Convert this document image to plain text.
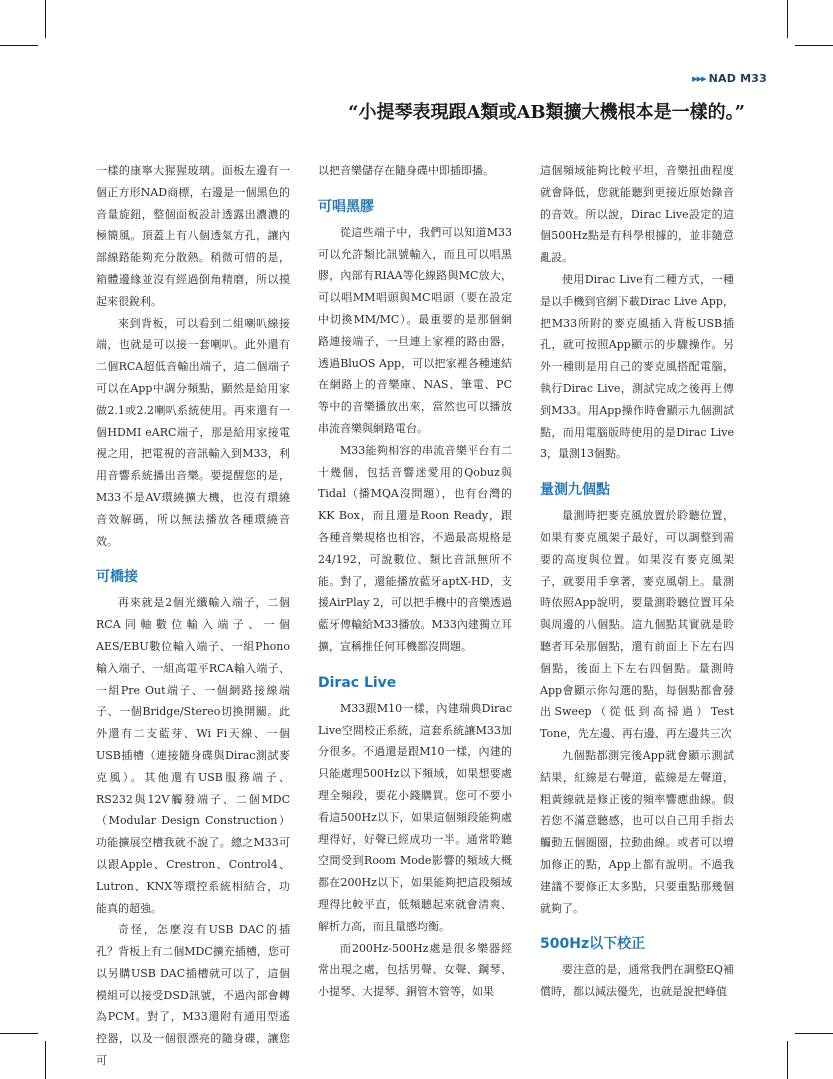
▸▸▸ NAD M33
“小提琴表現跟A類或AB類擴大機根本是一樣的。”

一樣的康寧大猩猩玻璃。面板左邊有一個正方形NAD商標，右邊是一個黑色的音量旋鈕，整個面板設計透露出濃濃的極簡風。頂蓋上有八個透氣方孔，讓內部線路能夠充分散熱。稍微可惜的是，箱體邊緣並沒有經過倒角精磨，所以摸起來很銳利。

來到背板，可以看到二組喇叭線接端，也就是可以接一套喇叭。此外還有二個RCA超低音輸出端子，這二個端子可以在App中調分頻點，顯然是給用家做2.1或2.2喇叭系統使用。再來還有一個HDMI eARC端子，那是給用家接電視之用，把電視的音訊輸入到M33，利用音響系統播出音樂。要提醒您的是，M33不是AV環繞擴大機，也沒有環繞音效解碼，所以無法播放各種環繞音效。

可橋接

再來就是2個光纖輸入端子，二個RCA同軸數位輸入端子、一個AES/EBU數位輸入端子、一組Phono輸入端子、一組高電平RCA輸入端子、一組Pre Out端子、一個網路接線端子、一個Bridge/Stereo切換開關。此外還有二支藍芽、Wi Fi天線、一個USB插槽（連接隨身碟與Dirac測試麥克風）。其他還有USB服務端子、RS232與12V觸發端子、二個MDC（Modular Design Construction）功能擴展空槽我就不說了。總之M33可以跟Apple、Crestron、Control4、Lutron、KNX等環控系統相結合，功能真的超強。

奇怪，怎麼沒有USB DAC的插孔？背板上有二個MDC擴充插槽，您可以另購USB DAC插槽就可以了，這個模組可以接受DSD訊號，不過內部會轉為PCM。對了，M33還附有通用型遙控器，以及一個很漂亮的隨身碟，讓您可

以把音樂儲存在隨身碟中即插即播。

可唱黑膠

從這些端子中，我們可以知道M33可以允許類比訊號輸入，而且可以唱黑膠，內部有RIAA等化線路與MC放大，可以唱MM唱頭與MC唱頭（要在設定中切換MM/MC）。最重要的是那個網路連接端子，一旦連上家裡的路由器，透過BluOS App，可以把家裡各種連結在網路上的音樂庫、NAS、筆電、PC等中的音樂播放出來，當然也可以播放串流音樂與網路電台。

M33能夠相容的串流音樂平台有二十幾個，包括音響迷愛用的Qobuz與Tidal（播MQA沒問題），也有台灣的KK Box，而且還是Roon Ready，跟各種音樂規格也相容，不過最高規格是24/192，可說數位、類比音訊無所不能。對了，還能播放藍牙aptX-HD，支援AirPlay 2，可以把手機中的音樂透過藍牙傳輸給M33播放。M33內建獨立耳擴，宣稱推任何耳機都沒問題。

Dirac Live

M33跟M10一樣，內建瑞典Dirac Live空間校正系統，這套系統讓M33加分很多。不過還是跟M10一樣，內建的只能處理500Hz以下頻域，如果想要處理全頻段，要花小錢購買。您可不要小看這500Hz以下，如果這個頻段能夠處理得好，好聲已經成功一半。通常聆聽空間受到Room Mode影響的頻域大概都在200Hz以下，如果能夠把這段頻域理得比較平直，低頻聽起來就會清爽、解析力高，而且量感均衡。

而200Hz-500Hz處是很多樂器經常出現之處，包括男聲、女聲、鋼琴、小提琴、大提琴、銅管木管等，如果

這個頻域能夠比較平坦，音樂扭曲程度就會降低，您就能聽到更接近原始錄音的音效。所以說，Dirac Live設定的這個500Hz點是有科學根據的，並非隨意亂設。

使用Dirac Live有二種方式，一種是以手機到官網下載Dirac Live App，把M33所附的麥克風插入背板USB插孔，就可按照App顯示的步驟操作。另外一種則是用自己的麥克風搭配電腦，執行Dirac Live，測試完成之後再上傳到M33。用App操作時會顯示九個測試點，而用電腦版時使用的是Dirac Live 3，量測13個點。

量測九個點

量測時把麥克風放置於聆聽位置，如果有麥克風架子最好，可以調整到需要的高度與位置。如果沒有麥克風架子，就要用手拿著，麥克風朝上。量測時依照App說明，要量測聆聽位置耳朵與周邊的八個點。這九個點其實就是聆聽者耳朵那個點，還有前面上下左右四個點，後面上下左右四個點。量測時App會顯示你勾選的點，每個點都會發出Sweep（從低到高掃過）Test Tone，先左邊、再右邊、再左邊共三次

九個點都測完後App就會顯示測試結果，紅線是右聲道，藍線是左聲道，粗黃線就是修正後的頻率響應曲線。假若您不滿意聽感，也可以自己用手指去觸動五個圈圈，拉動曲線。或者可以增加修正的點，App上都有說明。不過我建議不要修正太多點，只要重點那幾個就夠了。

500Hz以下校正

要注意的是，通常我們在調整EQ補償時，都以減法優先，也就是說把峰值
